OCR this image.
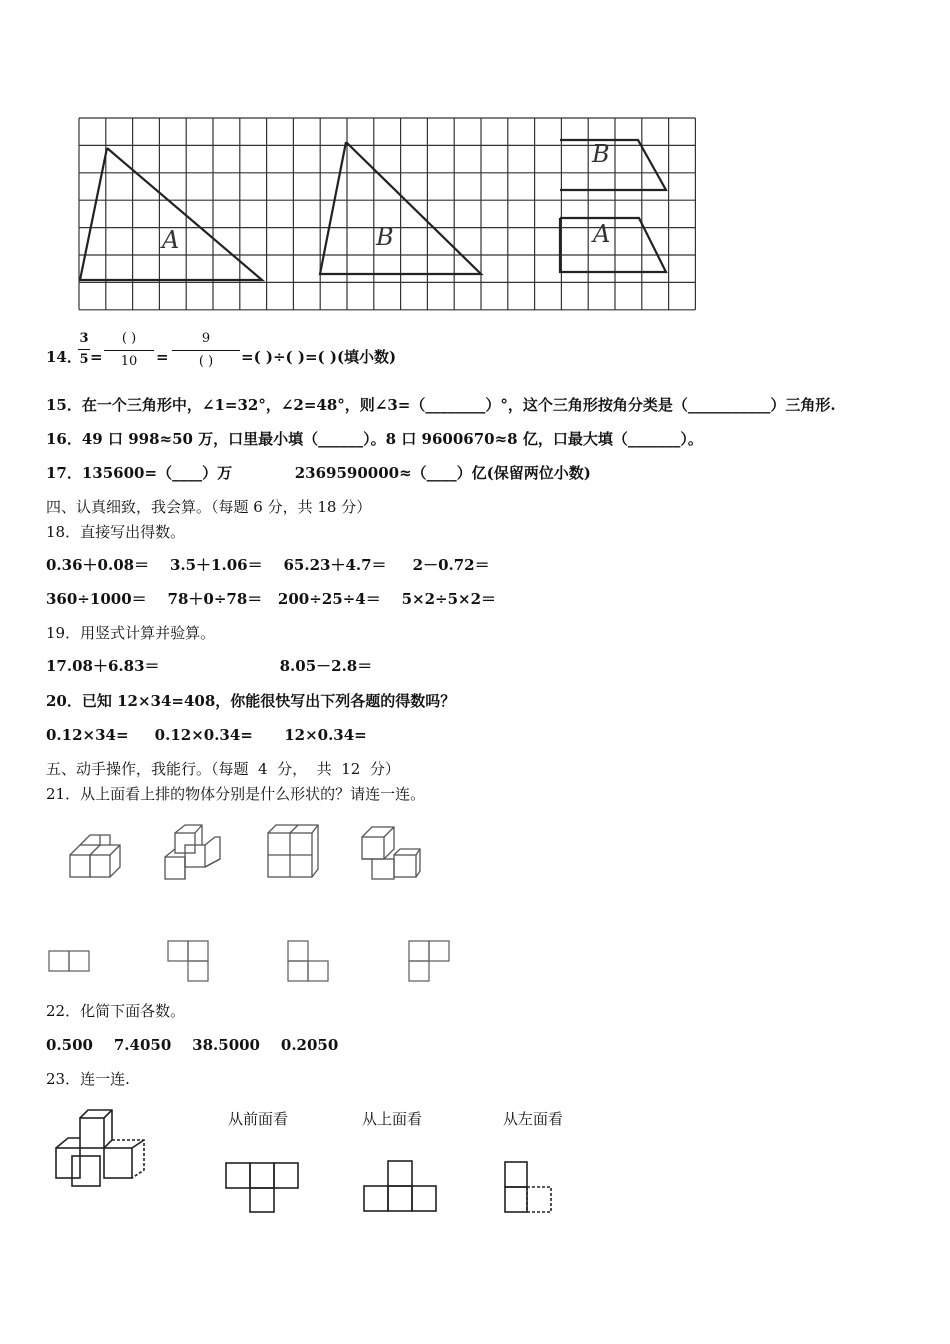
A	B
B
A
14．
3
5 =
( )
10	=
9
( )	=( )÷( )=( )(填小数)
15．在一个三角形中，∠1=32°，∠2=48°，则∠3=（________）°，这个三角形按角分类是（___________）三角形.
16．49 口 998≈50 万，口里最小填（______）。8 口 9600670≈8 亿，口最大填（_______）。
17．135600=（____）万            2369590000≈（____）亿(保留两位小数)
四、认真细致，我会算。（每题 6 分，共 18 分）
18．直接写出得数。
0.36＋0.08＝    3.5＋1.06＝    65.23＋4.7＝     2－0.72＝
360÷1000＝    78＋0÷78＝   200÷25÷4＝    5×2÷5×2＝
19．用竖式计算并验算。
17.08＋6.83＝                       8.05－2.8＝
20．已知 12×34=408，你能很快写出下列各题的得数吗？
0.12×34=     0.12×0.34=      12×0.34=
五、动手操作，我能行。（每题  4  分，  共  12  分）
21．从上面看上排的物体分别是什么形状的？请连一连。
22．化简下面各数。
0.500    7.4050    38.5000    0.2050
23．连一连.
从前面看	从上面看	从左面看
